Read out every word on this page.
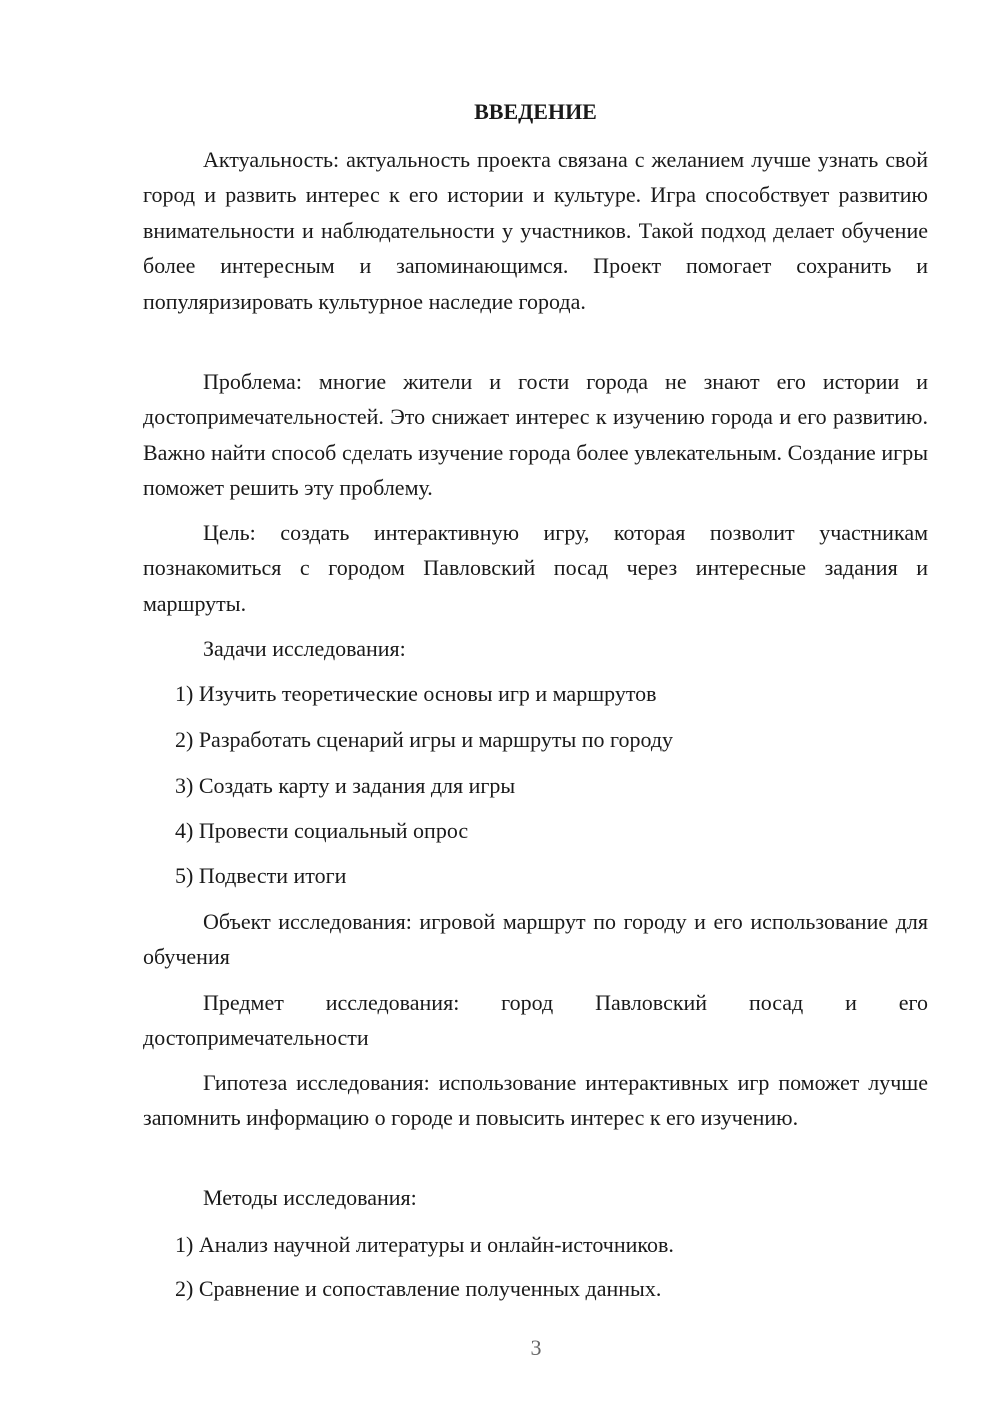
ВВЕДЕНИЕ

Актуальность: актуальность проекта связана с желанием лучше узнать свой город и развить интерес к его истории и культуре. Игра способствует развитию внимательности и наблюдательности у участников. Такой подход делает обучение более интересным и запоминающимся. Проект помогает сохранить и популяризировать культурное наследие города.

Проблема: многие жители и гости города не знают его истории и достопримечательностей. Это снижает интерес к изучению города и его развитию. Важно найти способ сделать изучение города более увлекательным. Создание игры поможет решить эту проблему.

Цель: создать интерактивную игру, которая позволит участникам познакомиться с городом Павловский посад через интересные задания и маршруты.

Задачи исследования:

1) Изучить теоретические основы игр и маршрутов

2) Разработать сценарий игры и маршруты по городу

3) Создать карту и задания для игры

4) Провести социальный опрос

5) Подвести итоги

Объект исследования: игровой маршрут по городу и его использование для обучения

Предмет исследования: город Павловский посад и его достопримечательности

Гипотеза исследования: использование интерактивных игр поможет лучше запомнить информацию о городе и повысить интерес к его изучению.

Методы исследования:

1) Анализ научной литературы и онлайн-источников.

2) Сравнение и сопоставление полученных данных.

3
